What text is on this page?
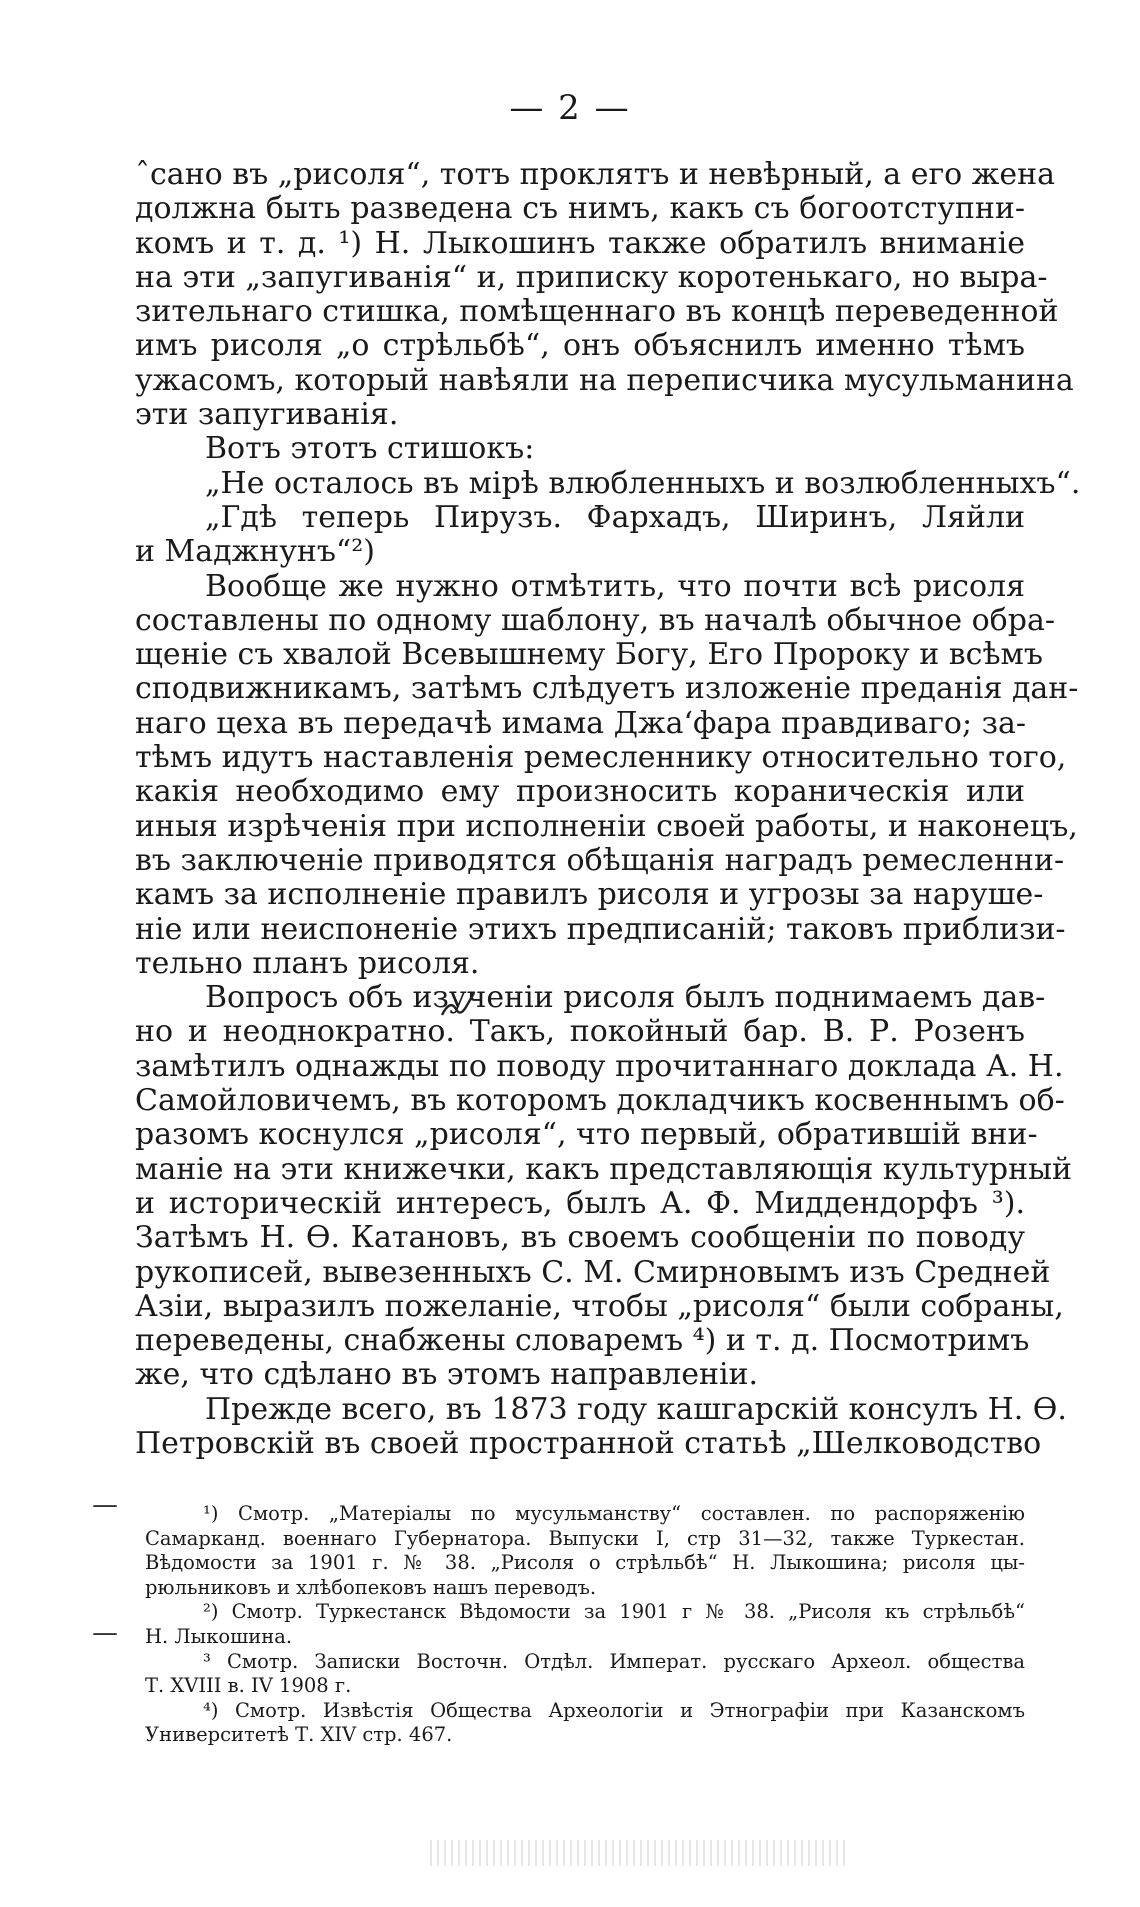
— 2 —
ˆсано въ „рисоля“, тотъ проклятъ и невѣрный, а его жена
должна быть разведена съ нимъ, какъ съ богоотступни-
комъ и т. д. ¹) Н. Лыкошинъ также обратилъ вниманіе
на эти „запугиванія“ и, приписку коротенькаго, но выра-
зительнаго стишка, помѣщеннаго въ концѣ переведенной
имъ рисоля „о стрѣльбѣ“, онъ объяснилъ именно тѣмъ
ужасомъ, который навѣяли на переписчика мусульманина
эти запугиванія.
Вотъ этотъ стишокъ:
„Не осталось въ мірѣ влюбленныхъ и возлюбленныхъ“.
„Гдѣ теперь Пирузъ. Фархадъ, Ширинъ, Ляйли
и Маджнунъ“²)
Вообще же нужно отмѣтить, что почти всѣ рисоля
составлены по одному шаблону, въ началѣ обычное обра-
щеніе съ хвалой Всевышнему Богу, Его Пророку и всѣмъ
сподвижникамъ, затѣмъ слѣдуетъ изложеніе преданія дан-
наго цеха въ передачѣ имама Джа‘фара правдиваго; за-
тѣмъ идутъ наставленія ремесленнику относительно того,
какія необходимо ему произносить кораническія или
иныя изрѣченія при исполненіи своей работы, и наконецъ,
въ заключеніе приводятся обѣщанія наградъ ремесленни-
камъ за исполненіе правилъ рисоля и угрозы за наруше-
ніе или неиспоненіе этихъ предписаній; таковъ приблизи-
тельно планъ рисоля.
Вопросъ объ изученіи рисоля былъ поднимаемъ дав-
но и неоднократно. Такъ, покойный бар. В. Р. Розенъ
замѣтилъ однажды по поводу прочитаннаго доклада А. Н.
Самойловичемъ, въ которомъ докладчикъ косвеннымъ об-
разомъ коснулся „рисоля“, что первый, обратившій вни-
маніе на эти книжечки, какъ представляющія культурный
и историческій интересъ, былъ А. Ф. Миддендорфъ ³).
Затѣмъ Н. Ѳ. Катановъ, въ своемъ сообщеніи по поводу
рукописей, вывезенныхъ С. М. Смирновымъ изъ Средней
Азіи, выразилъ пожеланіе, чтобы „рисоля“ были собраны,
переведены, снабжены словаремъ ⁴) и т. д. Посмотримъ
же, что сдѣлано въ этомъ направленіи.
Прежде всего, въ 1873 году кашгарскій консулъ Н. Ѳ.
Петровскій въ своей пространной статьѣ „Шелководство
—
—
¹) Смотр. „Матеріалы по мусульманству“ составлен. по распоряженію
Самарканд. военнаго Губернатора. Выпуски I, стр 31—32, также Туркестан.
Вѣдомости за 1901 г. № 38. „Рисоля о стрѣльбѣ“ Н. Лыкошина; рисоля цы-
рюльниковъ и хлѣбопековъ нашъ переводъ.
²) Смотр. Туркестанск Вѣдомости за 1901 г № 38. „Рисоля къ стрѣльбѣ“
Н. Лыкошина.
³ Смотр. Записки Восточн. Отдѣл. Императ. русскаго Археол. общества
Т. XVIII в. IV 1908 г.
⁴) Смотр. Извѣстія Общества Археологіи и Этнографіи при Казанскомъ
Университетѣ Т. XIV стр. 467.
